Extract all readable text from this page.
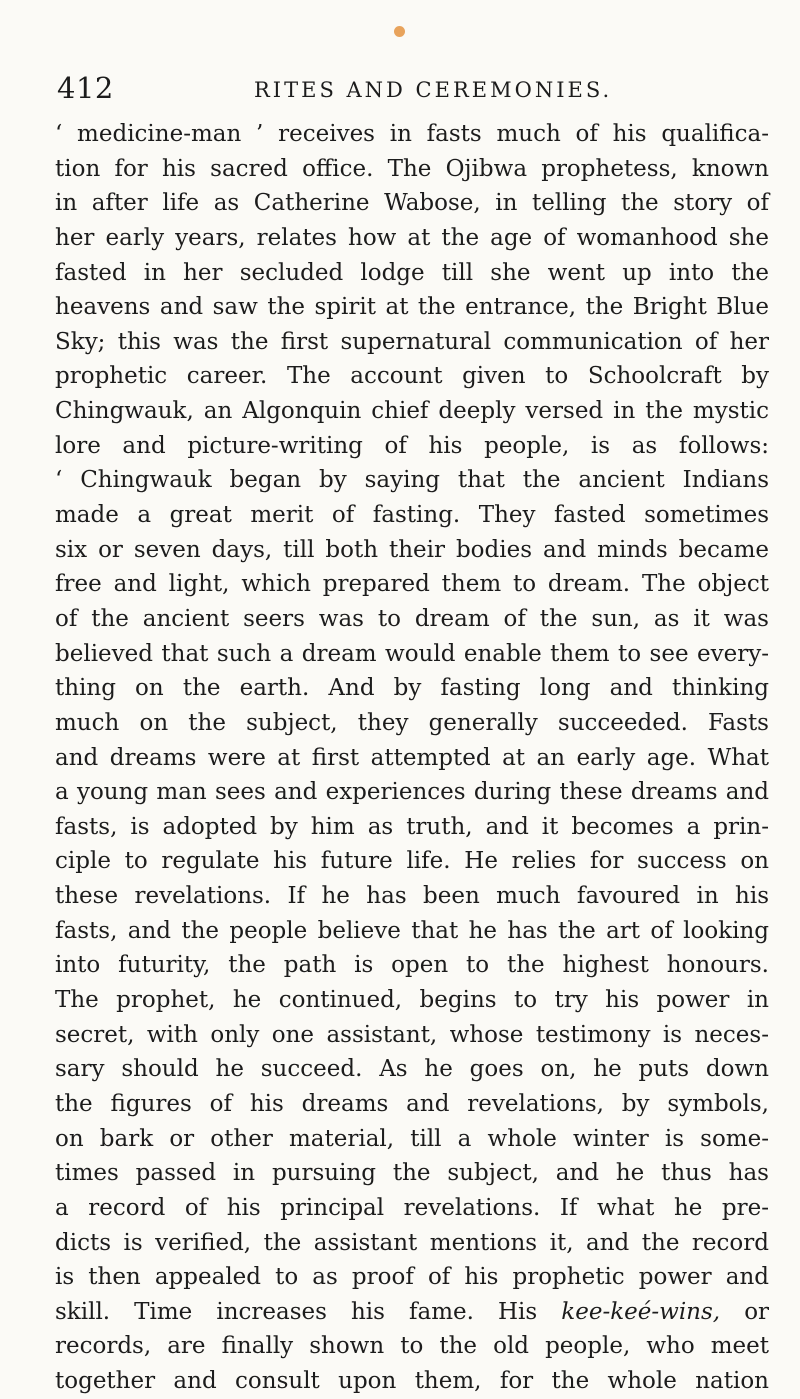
412	RITES AND CEREMONIES.
‘ medicine-man ’ receives in fasts much of his qualifica-
tion for his sacred office. The Ojibwa prophetess, known
in after life as Catherine Wabose, in telling the story of
her early years, relates how at the age of womanhood she
fasted in her secluded lodge till she went up into the
heavens and saw the spirit at the entrance, the Bright Blue
Sky; this was the first supernatural communication of her
prophetic career. The account given to Schoolcraft by
Chingwauk, an Algonquin chief deeply versed in the mystic
lore and picture-writing of his people, is as follows:
‘ Chingwauk began by saying that the ancient Indians
made a great merit of fasting. They fasted sometimes
six or seven days, till both their bodies and minds became
free and light, which prepared them to dream. The object
of the ancient seers was to dream of the sun, as it was
believed that such a dream would enable them to see every-
thing on the earth. And by fasting long and thinking
much on the subject, they generally succeeded. Fasts
and dreams were at first attempted at an early age. What
a young man sees and experiences during these dreams and
fasts, is adopted by him as truth, and it becomes a prin-
ciple to regulate his future life. He relies for success on
these revelations. If he has been much favoured in his
fasts, and the people believe that he has the art of looking
into futurity, the path is open to the highest honours.
The prophet, he continued, begins to try his power in
secret, with only one assistant, whose testimony is neces-
sary should he succeed. As he goes on, he puts down
the figures of his dreams and revelations, by symbols,
on bark or other material, till a whole winter is some-
times passed in pursuing the subject, and he thus has
a record of his principal revelations. If what he pre-
dicts is verified, the assistant mentions it, and the record
is then appealed to as proof of his prophetic power and
skill. Time increases his fame. His kee-keé-wins, or
records, are finally shown to the old people, who meet
together and consult upon them, for the whole nation
